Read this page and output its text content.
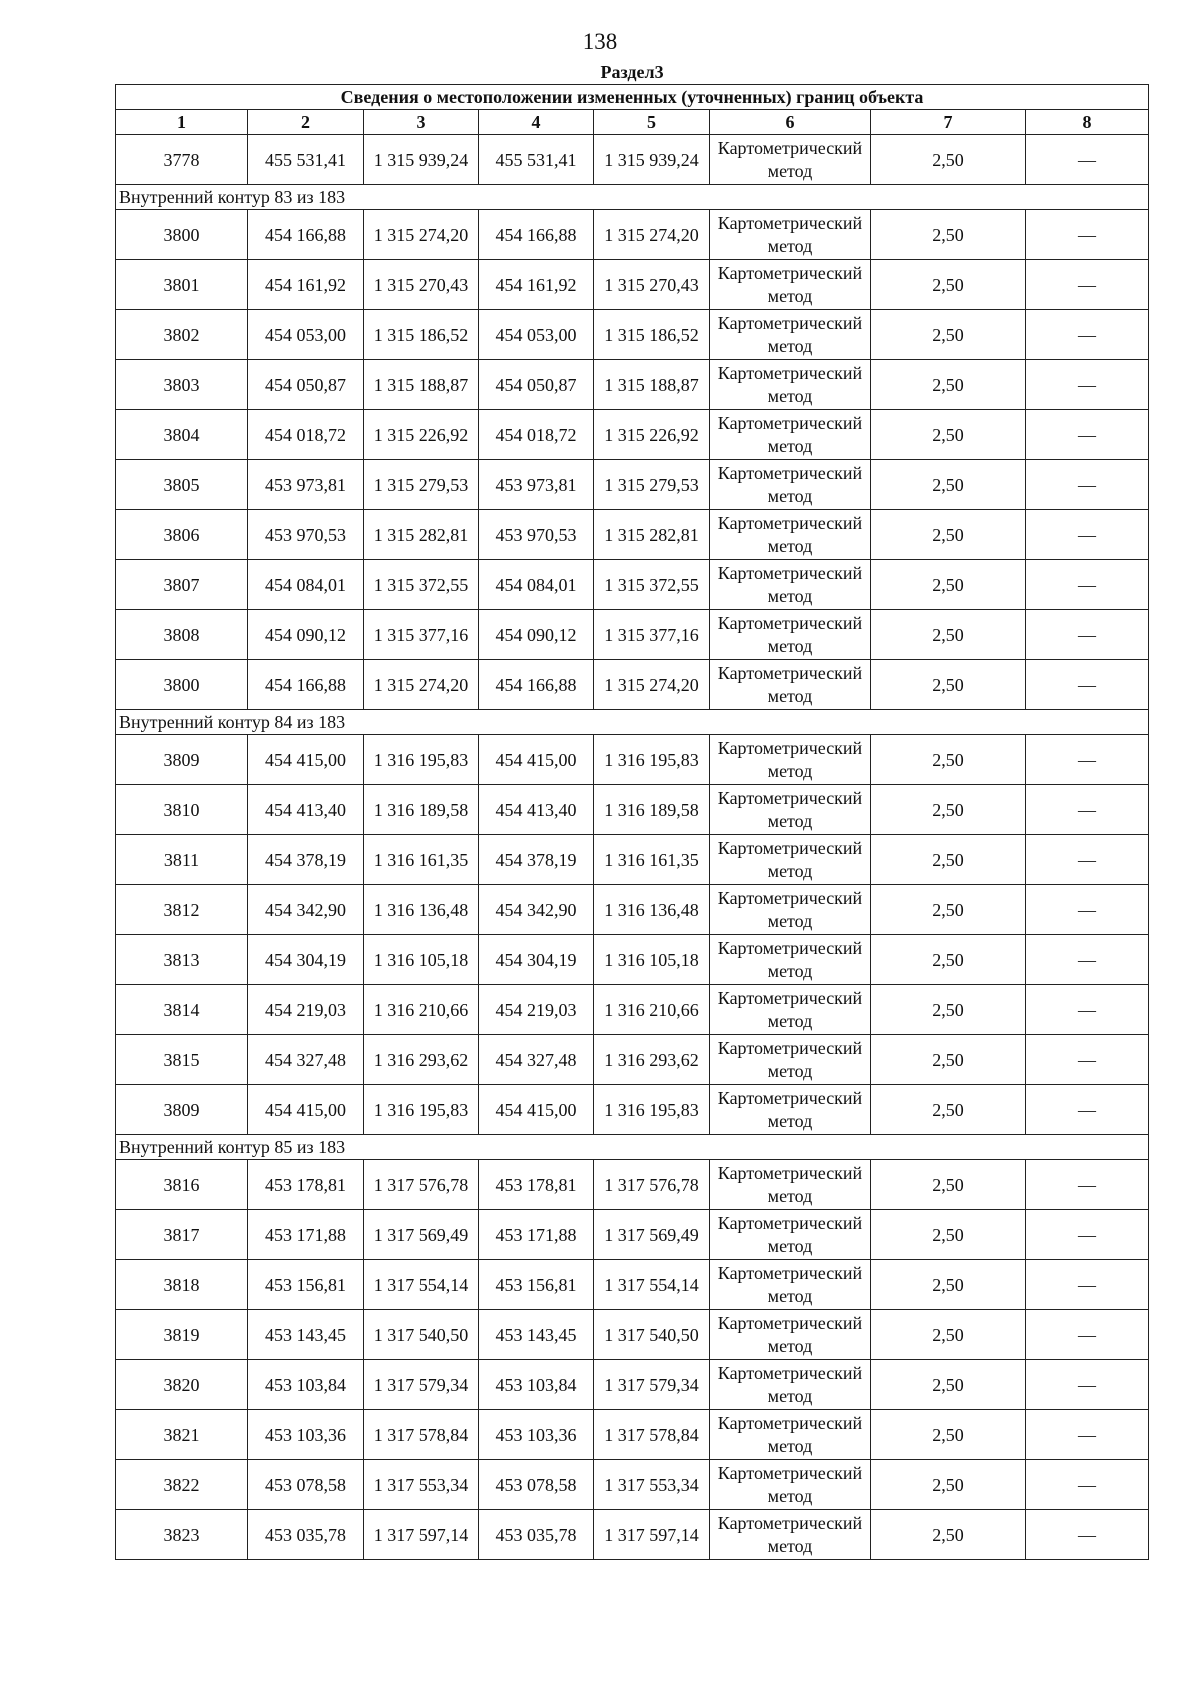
138
Раздел3							
Сведения о местоположении измененных (уточненных) границ объекта							
1	2	3	4	5	6	7	8
3778	455 531,41	1 315 939,24	455 531,41	1 315 939,24	Картометрический метод	2,50	—
Внутренний контур 83 из 183							
3800	454 166,88	1 315 274,20	454 166,88	1 315 274,20	Картометрический метод	2,50	—
3801	454 161,92	1 315 270,43	454 161,92	1 315 270,43	Картометрический метод	2,50	—
3802	454 053,00	1 315 186,52	454 053,00	1 315 186,52	Картометрический метод	2,50	—
3803	454 050,87	1 315 188,87	454 050,87	1 315 188,87	Картометрический метод	2,50	—
3804	454 018,72	1 315 226,92	454 018,72	1 315 226,92	Картометрический метод	2,50	—
3805	453 973,81	1 315 279,53	453 973,81	1 315 279,53	Картометрический метод	2,50	—
3806	453 970,53	1 315 282,81	453 970,53	1 315 282,81	Картометрический метод	2,50	—
3807	454 084,01	1 315 372,55	454 084,01	1 315 372,55	Картометрический метод	2,50	—
3808	454 090,12	1 315 377,16	454 090,12	1 315 377,16	Картометрический метод	2,50	—
3800	454 166,88	1 315 274,20	454 166,88	1 315 274,20	Картометрический метод	2,50	—
Внутренний контур 84 из 183							
3809	454 415,00	1 316 195,83	454 415,00	1 316 195,83	Картометрический метод	2,50	—
3810	454 413,40	1 316 189,58	454 413,40	1 316 189,58	Картометрический метод	2,50	—
3811	454 378,19	1 316 161,35	454 378,19	1 316 161,35	Картометрический метод	2,50	—
3812	454 342,90	1 316 136,48	454 342,90	1 316 136,48	Картометрический метод	2,50	—
3813	454 304,19	1 316 105,18	454 304,19	1 316 105,18	Картометрический метод	2,50	—
3814	454 219,03	1 316 210,66	454 219,03	1 316 210,66	Картометрический метод	2,50	—
3815	454 327,48	1 316 293,62	454 327,48	1 316 293,62	Картометрический метод	2,50	—
3809	454 415,00	1 316 195,83	454 415,00	1 316 195,83	Картометрический метод	2,50	—
Внутренний контур 85 из 183							
3816	453 178,81	1 317 576,78	453 178,81	1 317 576,78	Картометрический метод	2,50	—
3817	453 171,88	1 317 569,49	453 171,88	1 317 569,49	Картометрический метод	2,50	—
3818	453 156,81	1 317 554,14	453 156,81	1 317 554,14	Картометрический метод	2,50	—
3819	453 143,45	1 317 540,50	453 143,45	1 317 540,50	Картометрический метод	2,50	—
3820	453 103,84	1 317 579,34	453 103,84	1 317 579,34	Картометрический метод	2,50	—
3821	453 103,36	1 317 578,84	453 103,36	1 317 578,84	Картометрический метод	2,50	—
3822	453 078,58	1 317 553,34	453 078,58	1 317 553,34	Картометрический метод	2,50	—
3823	453 035,78	1 317 597,14	453 035,78	1 317 597,14	Картометрический метод	2,50	—
